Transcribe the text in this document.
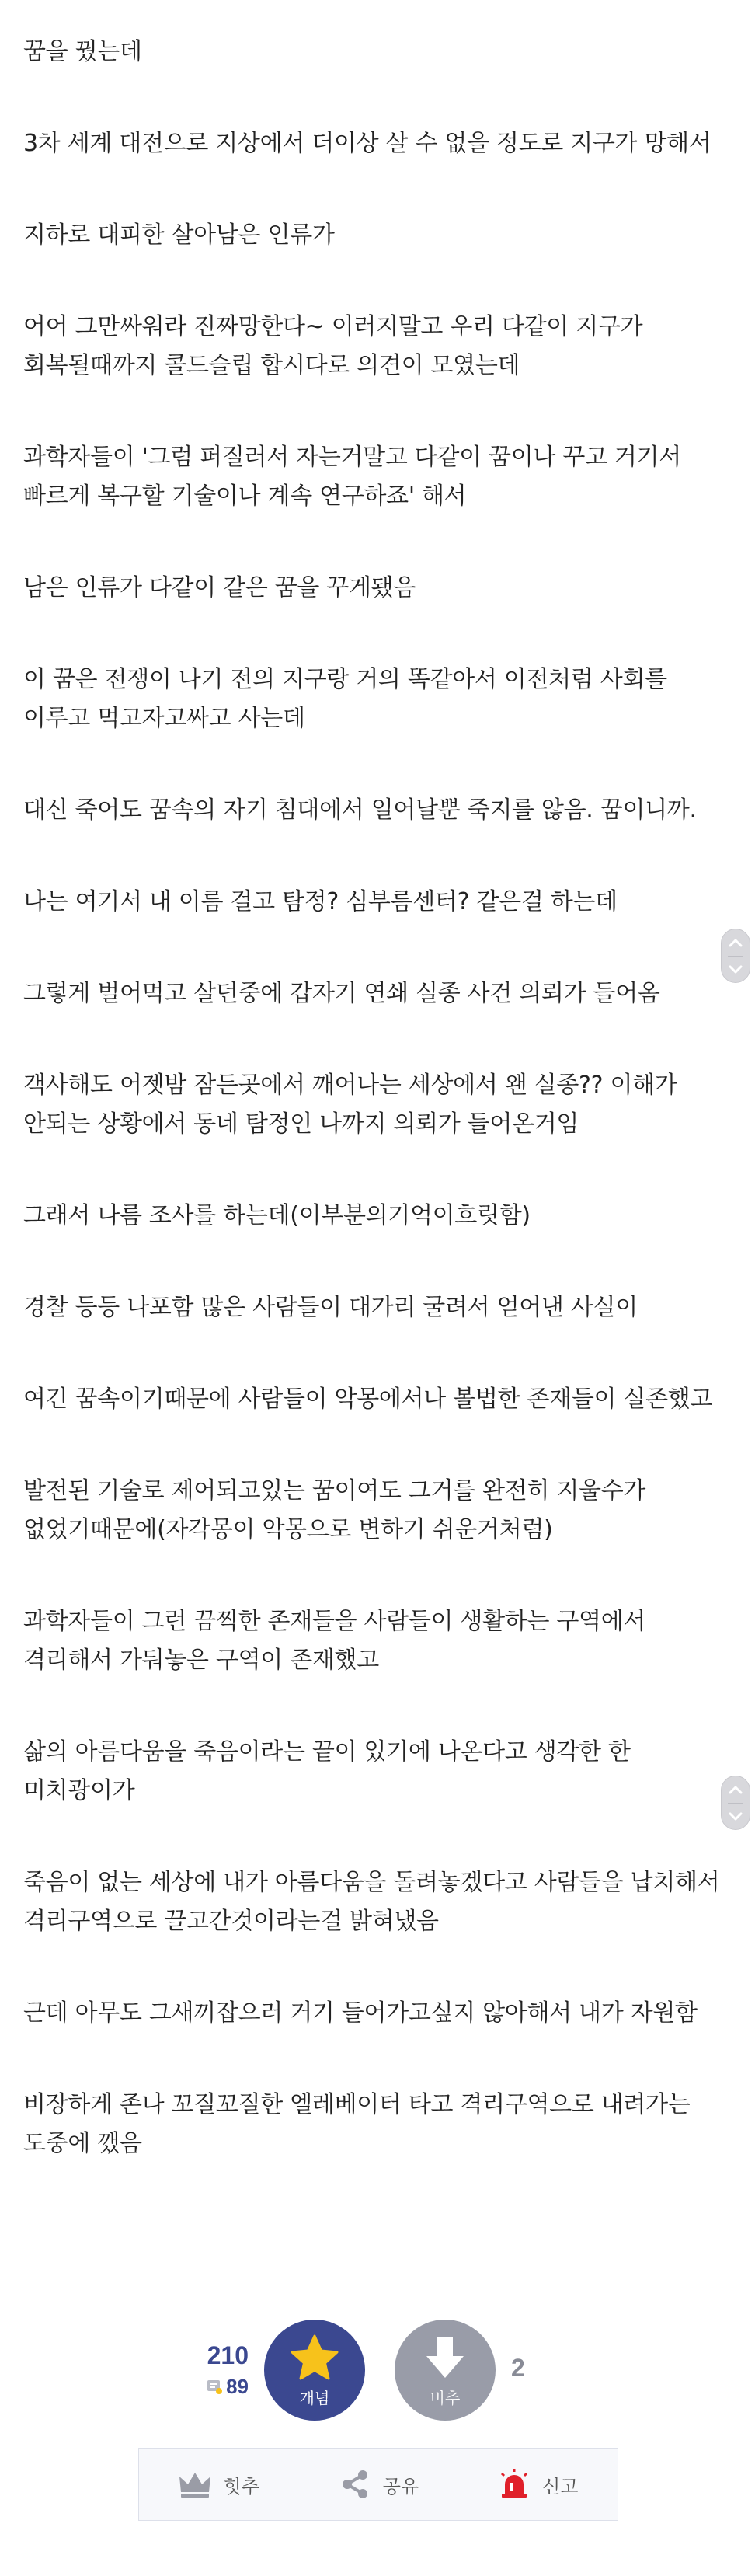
꿈을 꿨는데

3차 세계 대전으로 지상에서 더이상 살 수 없을 정도로 지구가 망해서

지하로 대피한 살아남은 인류가

어어 그만싸워라 진짜망한다~ 이러지말고 우리 다같이 지구가 회복될때까지 콜드슬립 합시다로 의견이 모였는데

과학자들이 '그럼 퍼질러서 자는거말고 다같이 꿈이나 꾸고 거기서 빠르게 복구할 기술이나 계속 연구하죠' 해서

남은 인류가 다같이 같은 꿈을 꾸게됐음

이 꿈은 전쟁이 나기 전의 지구랑 거의 똑같아서 이전처럼 사회를 이루고 먹고자고싸고 사는데

대신 죽어도 꿈속의 자기 침대에서 일어날뿐 죽지를 않음. 꿈이니까.

나는 여기서 내 이름 걸고 탐정? 심부름센터? 같은걸 하는데

그렇게 벌어먹고 살던중에 갑자기 연쇄 실종 사건 의뢰가 들어옴

객사해도 어젯밤 잠든곳에서 깨어나는 세상에서 왠 실종?? 이해가 안되는 상황에서 동네 탐정인 나까지 의뢰가 들어온거임

그래서 나름 조사를 하는데(이부분의기억이흐릿함)

경찰 등등 나포함 많은 사람들이 대가리 굴려서 얻어낸 사실이

여긴 꿈속이기때문에 사람들이 악몽에서나 볼법한 존재들이 실존했고

발전된 기술로 제어되고있는 꿈이여도 그거를 완전히 지울수가 없었기때문에(자각몽이 악몽으로 변하기 쉬운거처럼)

과학자들이 그런 끔찍한 존재들을 사람들이 생활하는 구역에서 격리해서 가둬놓은 구역이 존재했고

삶의 아름다움을 죽음이라는 끝이 있기에 나온다고 생각한 한 미치광이가

죽음이 없는 세상에 내가 아름다움을 돌려놓겠다고 사람들을 납치해서 격리구역으로 끌고간것이라는걸 밝혀냈음

근데 아무도 그새끼잡으러 거기 들어가고싶지 않아해서 내가 자원함

비장하게 존나 꼬질꼬질한 엘레베이터 타고 격리구역으로 내려가는 도중에 깼음

210
89	개념	비추
2
힛추	공유	신고
